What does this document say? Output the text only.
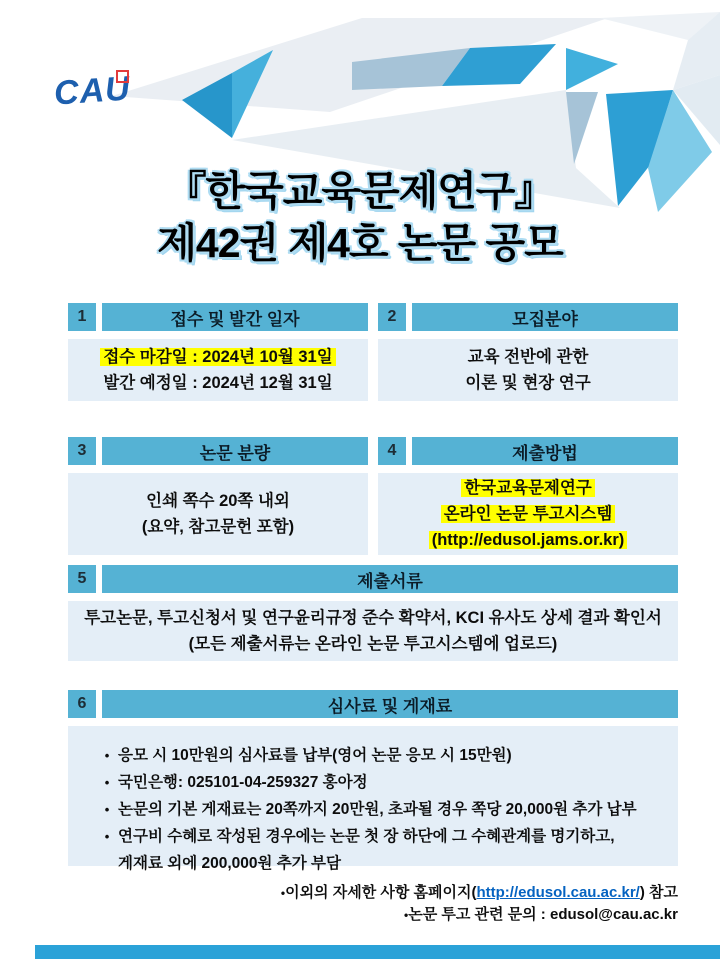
CAU
『한국교육문제연구』
제42권 제4호 논문 공모
1	접수 및 발간 일자
접수 마감일 : 2024년 10월 31일
발간 예정일 : 2024년 12월 31일
2	모집분야
교육 전반에 관한
이론 및 현장 연구
3	논문 분량
인쇄 쪽수 20쪽 내외
(요약, 참고문헌 포함)
4	제출방법
한국교육문제연구
온라인 논문 투고시스템
(http://edusol.jams.or.kr)
5	제출서류
투고논문, 투고신청서 및 연구윤리규정 준수 확약서, KCI 유사도 상세 결과 확인서
(모든 제출서류는 온라인 논문 투고시스템에 업로드)
6	심사료 및 게재료
• 응모 시 10만원의 심사료를 납부(영어 논문 응모 시 15만원)
• 국민은행: 025101-04-259327 홍아정
• 논문의 기본 게재료는 20쪽까지 20만원, 초과될 경우 쪽당 20,000원 추가 납부
• 연구비 수혜로 작성된 경우에는 논문 첫 장 하단에 그 수혜관계를 명기하고,
게재료 외에 200,000원 추가 부담
•이외의 자세한 사항 홈페이지(http://edusol.cau.ac.kr/) 참고
•논문 투고 관련 문의 : edusol@cau.ac.kr
